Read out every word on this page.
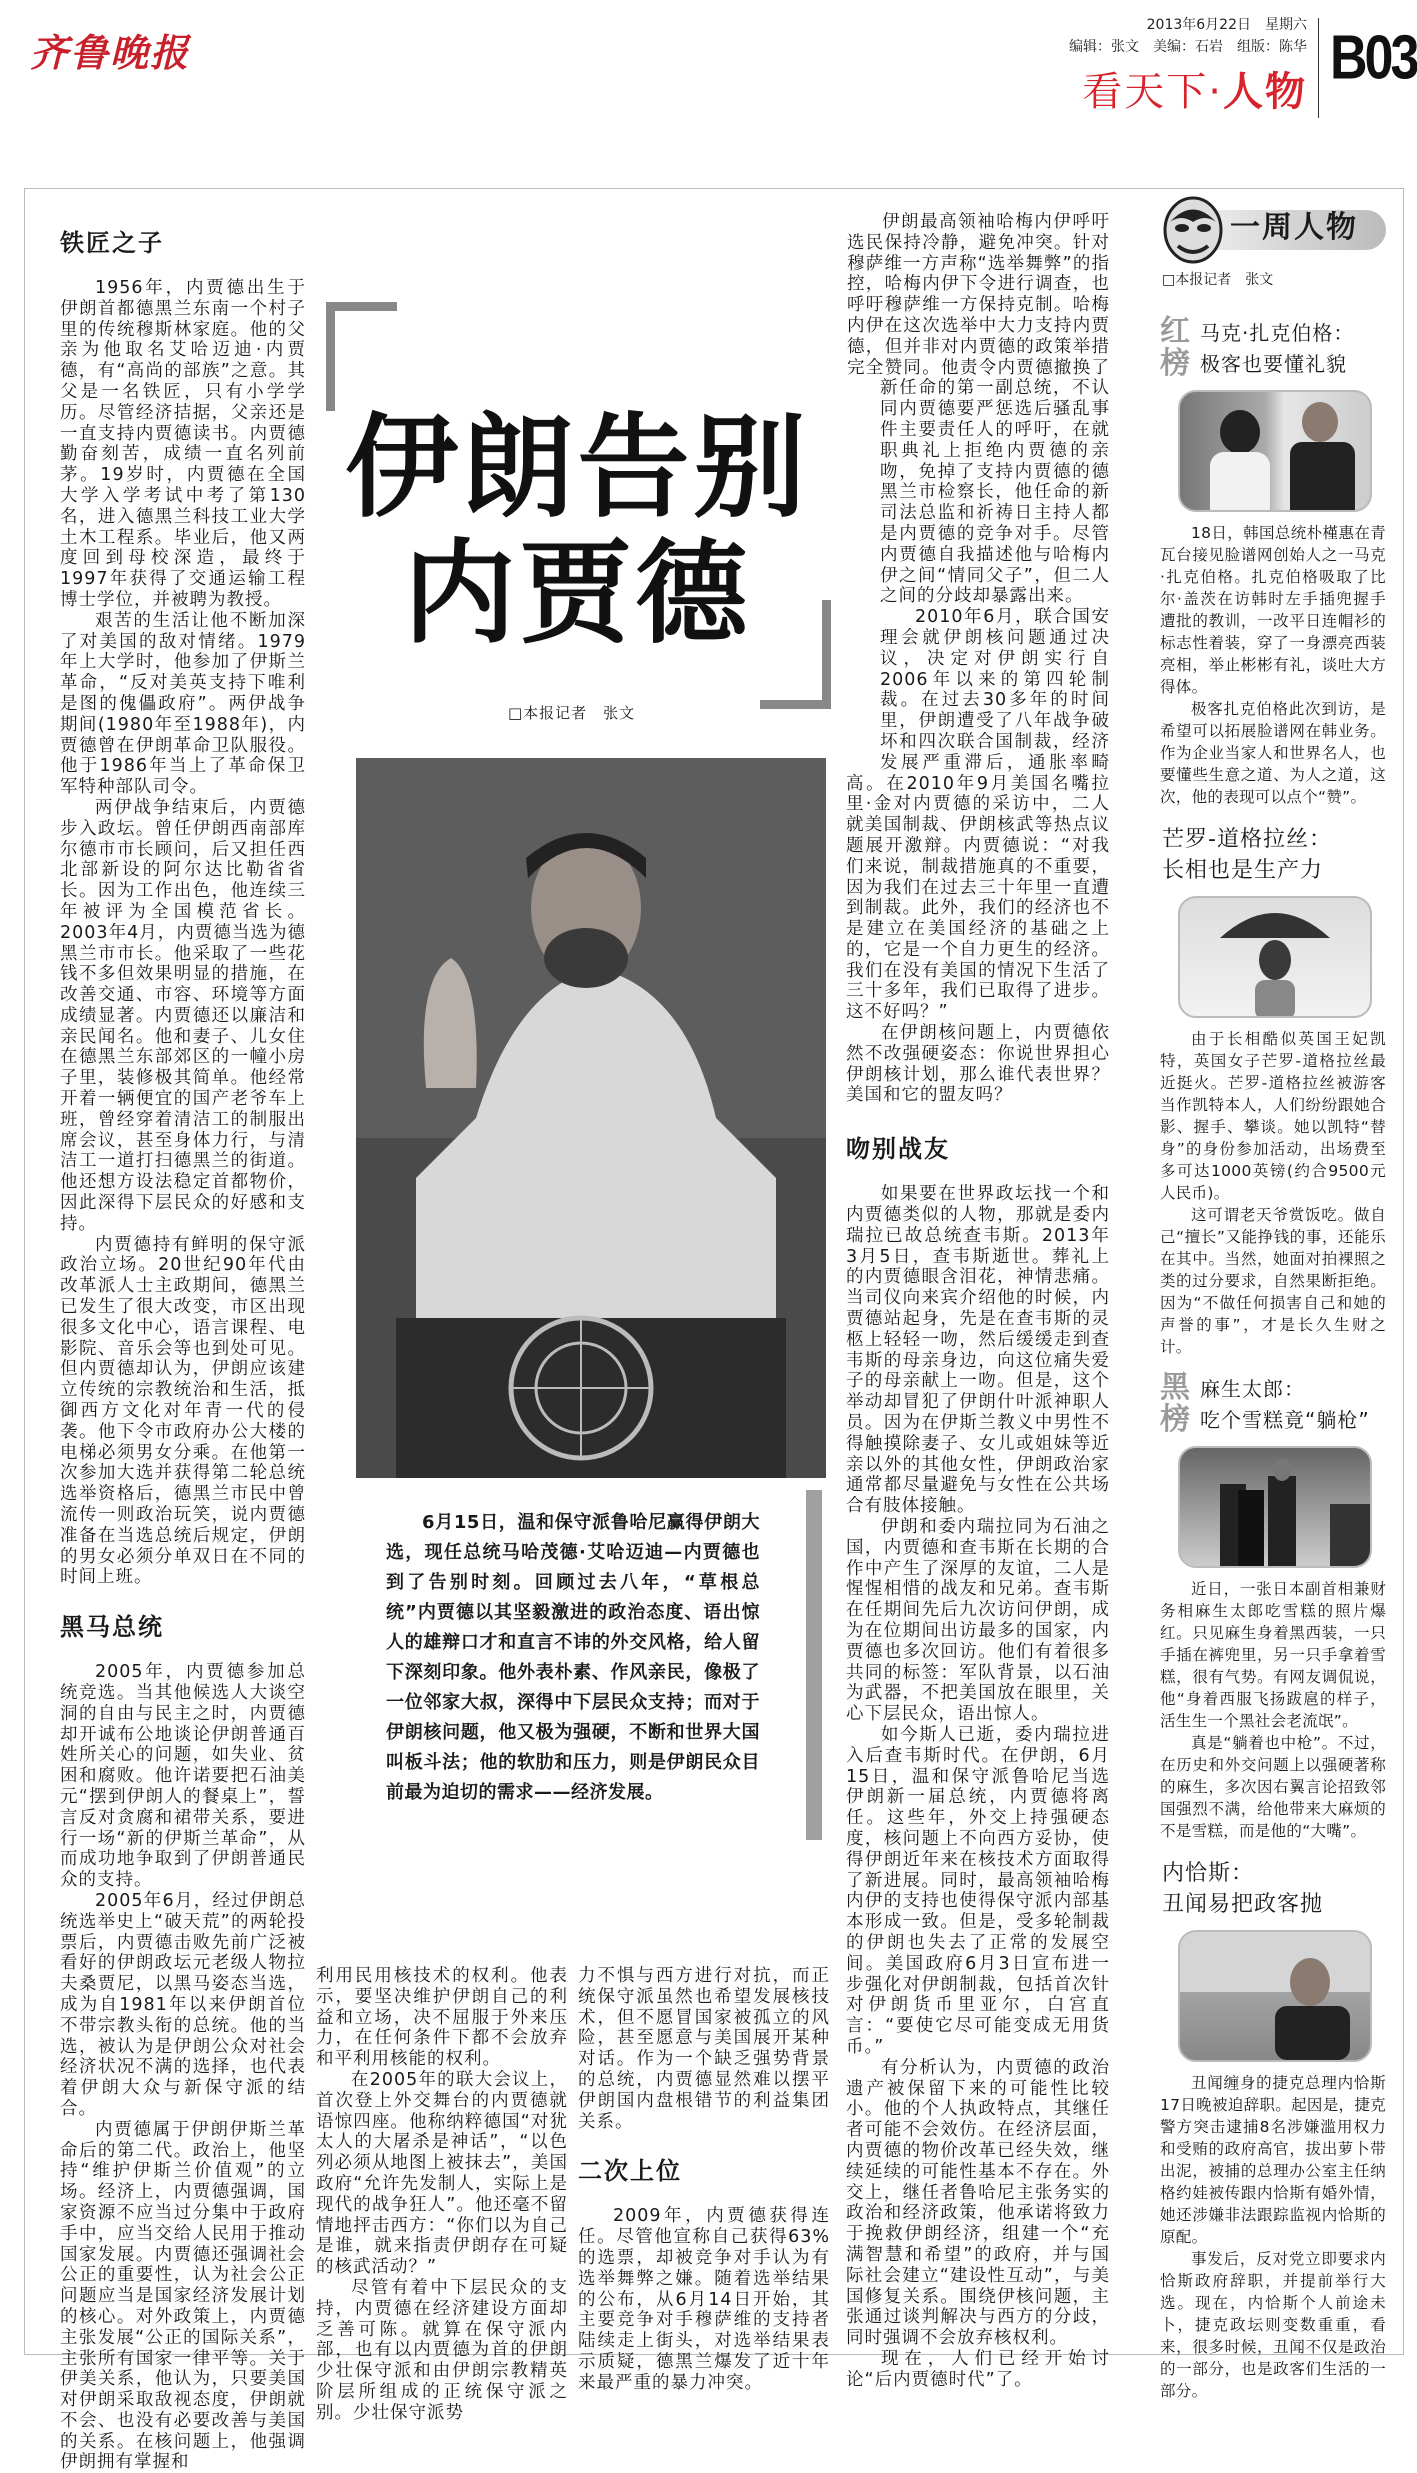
齐鲁晚报
2013年6月22日　星期六
编辑：张文　美编：石岩　组版：陈华
看天下·人物 B03
铁匠之子

1956年，内贾德出生于伊朗首都德黑兰东南一个村子里的传统穆斯林家庭。他的父亲为他取名艾哈迈迪·内贾德，有“高尚的部族”之意。其父是一名铁匠，只有小学学历。尽管经济拮据，父亲还是一直支持内贾德读书。内贾德勤奋刻苦，成绩一直名列前茅。19岁时，内贾德在全国大学入学考试中考了第130名，进入德黑兰科技工业大学土木工程系。毕业后，他又两度回到母校深造，最终于1997年获得了交通运输工程博士学位，并被聘为教授。

艰苦的生活让他不断加深了对美国的敌对情绪。1979年上大学时，他参加了伊斯兰革命，“反对美英支持下唯利是图的傀儡政府”。两伊战争期间(1980年至1988年)，内贾德曾在伊朗革命卫队服役。他于1986年当上了革命保卫军特种部队司令。

两伊战争结束后，内贾德步入政坛。曾任伊朗西南部库尔德市市长顾问，后又担任西北部新设的阿尔达比勒省省长。因为工作出色，他连续三年被评为全国模范省长。2003年4月，内贾德当选为德黑兰市市长。他采取了一些花钱不多但效果明显的措施，在改善交通、市容、环境等方面成绩显著。内贾德还以廉洁和亲民闻名。他和妻子、儿女住在德黑兰东部郊区的一幢小房子里，装修极其简单。他经常开着一辆便宜的国产老爷车上班，曾经穿着清洁工的制服出席会议，甚至身体力行，与清洁工一道打扫德黑兰的街道。他还想方设法稳定首都物价，因此深得下层民众的好感和支持。

内贾德持有鲜明的保守派政治立场。20世纪90年代由改革派人士主政期间，德黑兰已发生了很大改变，市区出现很多文化中心，语言课程、电影院、音乐会等也到处可见。但内贾德却认为，伊朗应该建立传统的宗教统治和生活，抵御西方文化对年青一代的侵袭。他下令市政府办公大楼的电梯必须男女分乘。在他第一次参加大选并获得第二轮总统选举资格后，德黑兰市民中曾流传一则政治玩笑，说内贾德准备在当选总统后规定，伊朗的男女必须分单双日在不同的时间上班。

黑马总统

2005年，内贾德参加总统竞选。当其他候选人大谈空洞的自由与民主之时，内贾德却开诚布公地谈论伊朗普通百姓所关心的问题，如失业、贫困和腐败。他许诺要把石油美元“摆到伊朗人的餐桌上”，誓言反对贪腐和裙带关系，要进行一场“新的伊斯兰革命”，从而成功地争取到了伊朗普通民众的支持。

2005年6月，经过伊朗总统选举史上“破天荒”的两轮投票后，内贾德击败先前广泛被看好的伊朗政坛元老级人物拉夫桑贾尼，以黑马姿态当选，成为自1981年以来伊朗首位不带宗教头衔的总统。他的当选，被认为是伊朗公众对社会经济状况不满的选择，也代表着伊朗大众与新保守派的结合。

内贾德属于伊朗伊斯兰革命后的第二代。政治上，他坚持“维护伊斯兰价值观”的立场。经济上，内贾德强调，国家资源不应当过分集中于政府手中，应当交给人民用于推动国家发展。内贾德还强调社会公正的重要性，认为社会公正问题应当是国家经济发展计划的核心。对外政策上，内贾德主张发展“公正的国际关系”，主张所有国家一律平等。关于伊美关系，他认为，只要美国对伊朗采取敌视态度，伊朗就不会、也没有必要改善与美国的关系。在核问题上，他强调伊朗拥有掌握和

伊朗告别
内贾德
□本报记者　张文

6月15日，温和保守派鲁哈尼赢得伊朗大选，现任总统马哈茂德·艾哈迈迪—内贾德也到了告别时刻。回顾过去八年，“草根总统”内贾德以其坚毅激进的政治态度、语出惊人的雄辩口才和直言不讳的外交风格，给人留下深刻印象。他外表朴素、作风亲民，像极了一位邻家大叔，深得中下层民众支持；而对于伊朗核问题，他又极为强硬，不断和世界大国叫板斗法；他的软肋和压力，则是伊朗民众目前最为迫切的需求——经济发展。

利用民用核技术的权利。他表示，要坚决维护伊朗自己的利益和立场，决不屈服于外来压力，在任何条件下都不会放弃和平利用核能的权利。

在2005年的联大会议上，首次登上外交舞台的内贾德就语惊四座。他称纳粹德国“对犹太人的大屠杀是神话”，“以色列必须从地图上被抹去”，美国政府“允许先发制人，实际上是现代的战争狂人”。他还毫不留情地抨击西方：“你们以为自己是谁，就来指责伊朗存在可疑的核武活动？”

尽管有着中下层民众的支持，内贾德在经济建设方面却乏善可陈。就算在保守派内部，也有以内贾德为首的伊朗少壮保守派和由伊朗宗教精英阶层所组成的正统保守派之别。少壮保守派势

力不惧与西方进行对抗，而正统保守派虽然也希望发展核技术，但不愿冒国家被孤立的风险，甚至愿意与美国展开某种对话。作为一个缺乏强势背景的总统，内贾德显然难以摆平伊朗国内盘根错节的利益集团关系。

二次上位

2009年，内贾德获得连任。尽管他宣称自己获得63%的选票，却被竞争对手认为有选举舞弊之嫌。随着选举结果的公布，从6月14日开始，其主要竞争对手穆萨维的支持者陆续走上街头，对选举结果表示质疑，德黑兰爆发了近十年来最严重的暴力冲突。

伊朗最高领袖哈梅内伊呼吁选民保持冷静，避免冲突。针对穆萨维一方声称“选举舞弊”的指控，哈梅内伊下令进行调查，也呼吁穆萨维一方保持克制。哈梅内伊在这次选举中大力支持内贾德，但并非对内贾德的政策举措完全赞同。他责令内贾德撤换了新任命的第一副总统，不认同内贾德要严惩选后骚乱事件主要责任人的呼吁，在就职典礼上拒绝内贾德的亲吻，免掉了支持内贾德的德黑兰市检察长，他任命的新司法总监和祈祷日主持人都是内贾德的竞争对手。尽管内贾德自我描述他与哈梅内伊之间“情同父子”，但二人之间的分歧却暴露出来。

2010年6月，联合国安理会就伊朗核问题通过决议，决定对伊朗实行自2006年以来的第四轮制裁。在过去30多年的时间里，伊朗遭受了八年战争破坏和四次联合国制裁，经济发展严重滞后，通胀率畸高。在2010年9月美国名嘴拉里·金对内贾德的采访中，二人就美国制裁、伊朗核武等热点议题展开激辩。内贾德说：“对我们来说，制裁措施真的不重要，因为我们在过去三十年里一直遭到制裁。此外，我们的经济也不是建立在美国经济的基础之上的，它是一个自力更生的经济。我们在没有美国的情况下生活了三十多年，我们已取得了进步。这不好吗？”

在伊朗核问题上，内贾德依然不改强硬姿态：你说世界担心伊朗核计划，那么谁代表世界？美国和它的盟友吗？

吻别战友

如果要在世界政坛找一个和内贾德类似的人物，那就是委内瑞拉已故总统查韦斯。2013年3月5日，查韦斯逝世。葬礼上的内贾德眼含泪花，神情悲痛。当司仪向来宾介绍他的时候，内贾德站起身，先是在查韦斯的灵柩上轻轻一吻，然后缓缓走到查韦斯的母亲身边，向这位痛失爱子的母亲献上一吻。但是，这个举动却冒犯了伊朗什叶派神职人员。因为在伊斯兰教义中男性不得触摸除妻子、女儿或姐妹等近亲以外的其他女性，伊朗政治家通常都尽量避免与女性在公共场合有肢体接触。

伊朗和委内瑞拉同为石油之国，内贾德和查韦斯在长期的合作中产生了深厚的友谊，二人是惺惺相惜的战友和兄弟。查韦斯在任期间先后九次访问伊朗，成为在位期间出访最多的国家，内贾德也多次回访。他们有着很多共同的标签：军队背景，以石油为武器，不把美国放在眼里，关心下层民众，语出惊人。

如今斯人已逝，委内瑞拉进入后查韦斯时代。在伊朗，6月15日，温和保守派鲁哈尼当选伊朗新一届总统，内贾德将离任。这些年，外交上持强硬态度，核问题上不向西方妥协，使得伊朗近年来在核技术方面取得了新进展。同时，最高领袖哈梅内伊的支持也使得保守派内部基本形成一致。但是，受多轮制裁的伊朗也失去了正常的发展空间。美国政府6月3日宣布进一步强化对伊朗制裁，包括首次针对伊朗货币里亚尔，白宫直言：“要使它尽可能变成无用货币。”

有分析认为，内贾德的政治遗产被保留下来的可能性比较小。他的个人执政特点，其继任者可能不会效仿。在经济层面，内贾德的物价改革已经失效，继续延续的可能性基本不存在。外交上，继任者鲁哈尼主张务实的政治和经济政策，他承诺将致力于挽救伊朗经济，组建一个“充满智慧和希望”的政府，并与国际社会建立“建设性互动”，与美国修复关系。围绕伊核问题，主张通过谈判解决与西方的分歧，同时强调不会放弃核权利。

现在，人们已经开始讨论“后内贾德时代”了。

一周人物
□本报记者　张文
红榜
马克·扎克伯格：
极客也要懂礼貌

18日，韩国总统朴槿惠在青瓦台接见脸谱网创始人之一马克·扎克伯格。扎克伯格吸取了比尔·盖茨在访韩时左手插兜握手遭批的教训，一改平日连帽衫的标志性着装，穿了一身漂亮西装亮相，举止彬彬有礼，谈吐大方得体。

极客扎克伯格此次到访，是希望可以拓展脸谱网在韩业务。作为企业当家人和世界名人，也要懂些生意之道、为人之道，这次，他的表现可以点个“赞”。

芒罗-道格拉丝：
长相也是生产力

由于长相酷似英国王妃凯特，英国女子芒罗-道格拉丝最近挺火。芒罗-道格拉丝被游客当作凯特本人，人们纷纷跟她合影、握手、攀谈。她以凯特“替身”的身份参加活动，出场费至多可达1000英镑(约合9500元人民币)。

这可谓老天爷赏饭吃。做自己“擅长”又能挣钱的事，还能乐在其中。当然，她面对拍裸照之类的过分要求，自然果断拒绝。因为“不做任何损害自己和她的声誉的事”，才是长久生财之计。

黑榜
麻生太郎：
吃个雪糕竟“躺枪”

近日，一张日本副首相兼财务相麻生太郎吃雪糕的照片爆红。只见麻生身着黑西装，一只手插在裤兜里，另一只手拿着雪糕，很有气势。有网友调侃说，他“身着西服飞扬跋扈的样子，活生生一个黑社会老流氓”。

真是“躺着也中枪”。不过，在历史和外交问题上以强硬著称的麻生，多次因右翼言论招致邻国强烈不满，给他带来大麻烦的不是雪糕，而是他的“大嘴”。

内恰斯：
丑闻易把政客抛

丑闻缠身的捷克总理内恰斯17日晚被迫辞职。起因是，捷克警方突击逮捕8名涉嫌滥用权力和受贿的政府高官，拔出萝卜带出泥，被捕的总理办公室主任纳格约娃被传跟内恰斯有婚外情，她还涉嫌非法跟踪监视内恰斯的原配。

事发后，反对党立即要求内恰斯政府辞职，并提前举行大选。现在，内恰斯个人前途未卜，捷克政坛则变数重重，看来，很多时候，丑闻不仅是政治的一部分，也是政客们生活的一部分。
